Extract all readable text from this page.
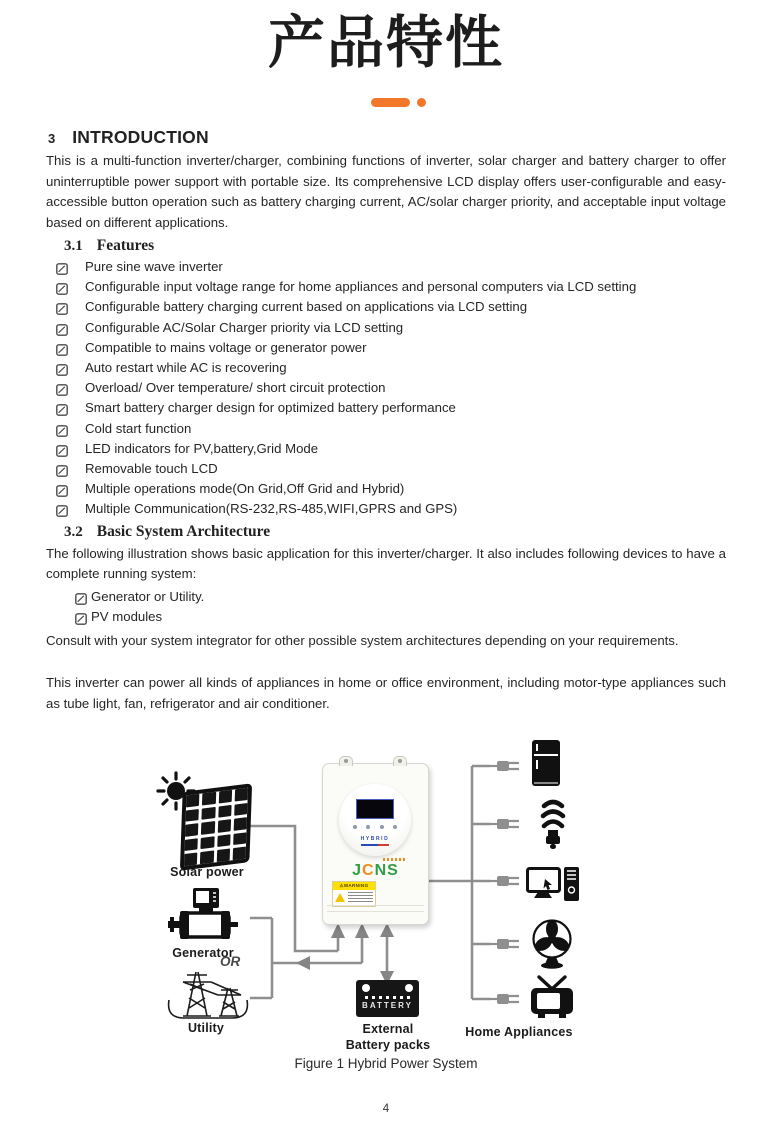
产品特性
3 INTRODUCTION

This is a multi-function inverter/charger, combining functions of inverter, solar charger and battery charger to offer uninterruptible power support with portable size. Its comprehensive LCD display offers user-configurable and easy-accessible button operation such as battery charging current, AC/solar charger priority, and acceptable input voltage based on different applications.

3.1 Features
Pure sine wave inverter
Configurable input voltage range for home appliances and personal computers via LCD setting
Configurable battery charging current based on applications via LCD setting
Configurable AC/Solar Charger priority via LCD setting
Compatible to mains voltage or generator power
Auto restart while AC is recovering
Overload/ Over temperature/ short circuit protection
Smart battery charger design for optimized battery performance
Cold start function
LED indicators for PV,battery,Grid Mode
Removable touch LCD
Multiple operations mode(On Grid,Off Grid and Hybrid)
Multiple Communication(RS-232,RS-485,WIFI,GPRS and GPS)
3.2 Basic System Architecture

The following illustration shows basic application for this inverter/charger. It also includes following devices to have a complete running system:

Generator or Utility.
PV modules

Consult with your system integrator for other possible system architectures depending on your requirements.

This inverter can power all kinds of appliances in home or office environment, including motor-type appliances such as tube light, fan, refrigerator and air conditioner.

Solar power
Generator
OR
Utility
HYBRID
JCNS
⚠WARNING
BATTERY
External
Battery packs
Home Appliances
Figure 1 Hybrid Power System
4
